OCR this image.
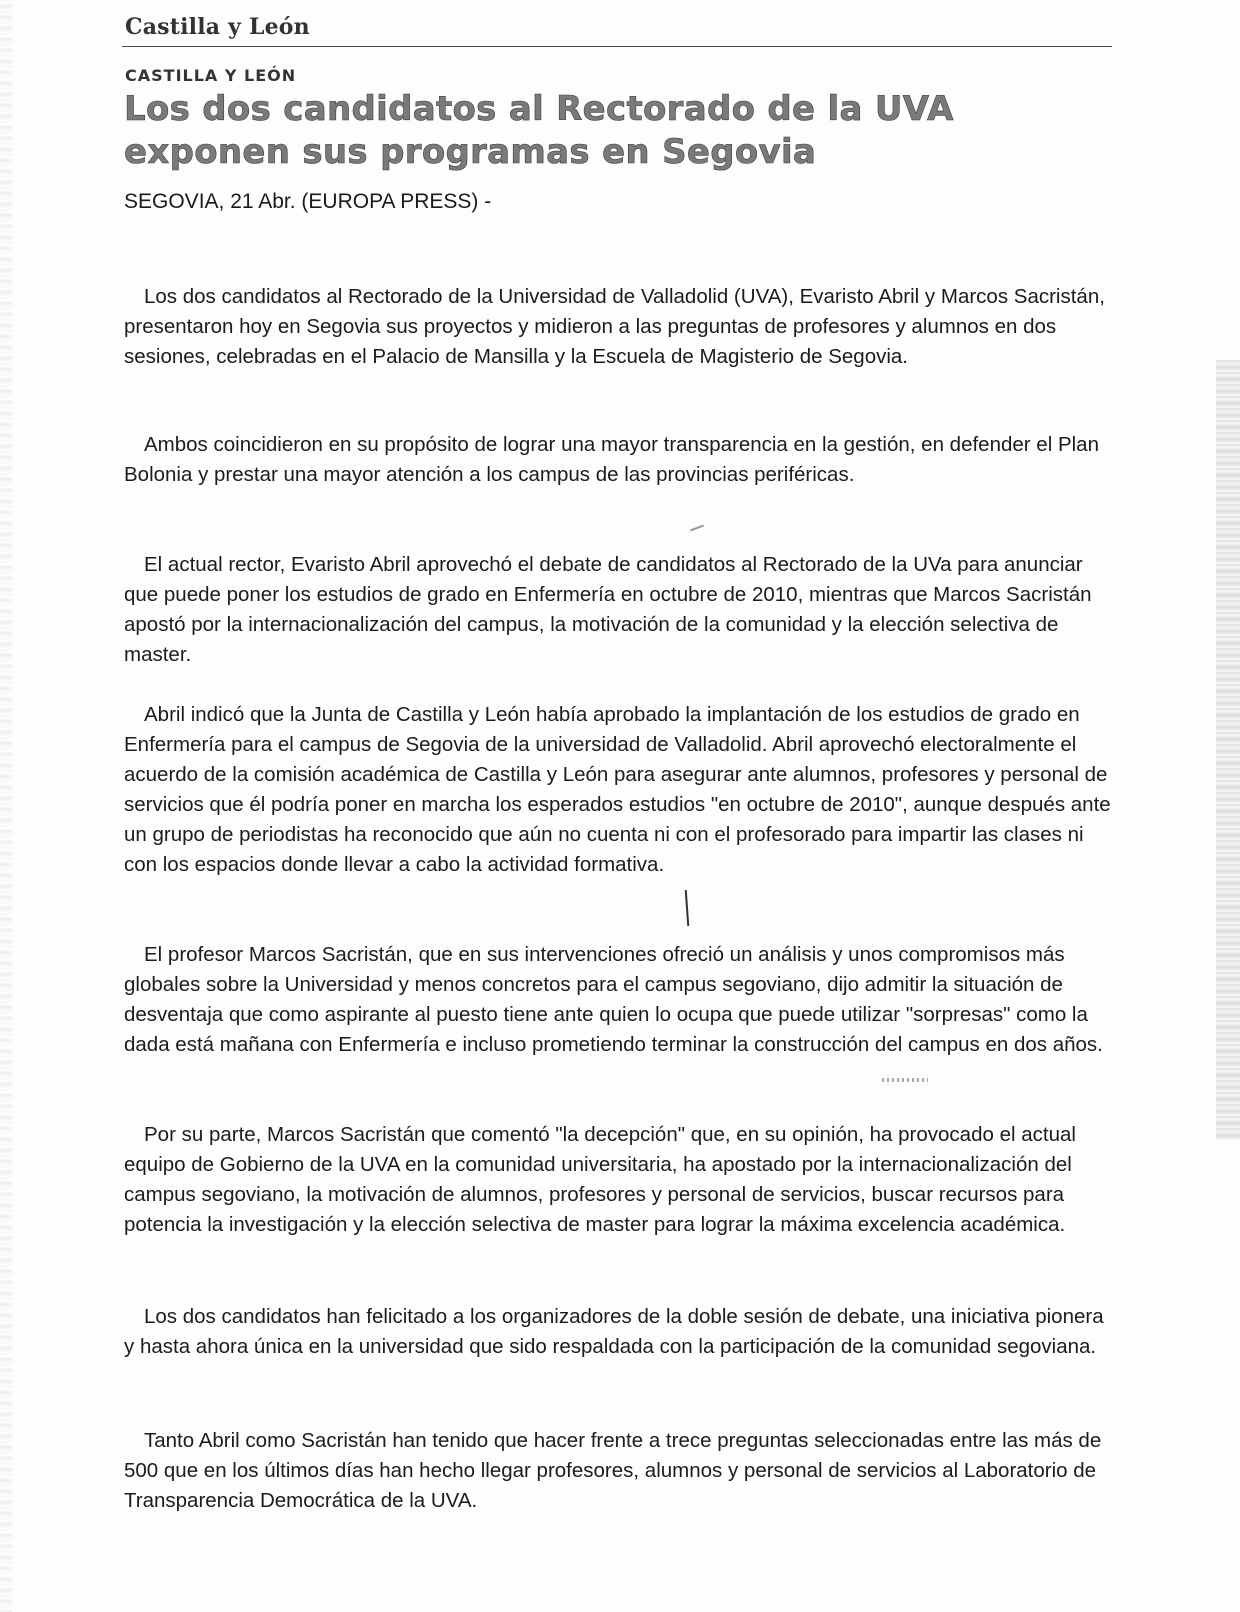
Castilla y León
CASTILLA Y LEÓN
Los dos candidatos al Rectorado de la UVA exponen sus programas en Segovia
SEGOVIA, 21 Abr. (EUROPA PRESS) -

Los dos candidatos al Rectorado de la Universidad de Valladolid (UVA), Evaristo Abril y Marcos Sacristán, presentaron hoy en Segovia sus proyectos y midieron a las preguntas de profesores y alumnos en dos sesiones, celebradas en el Palacio de Mansilla y la Escuela de Magisterio de Segovia.

Ambos coincidieron en su propósito de lograr una mayor transparencia en la gestión, en defender el Plan Bolonia y prestar una mayor atención a los campus de las provincias periféricas.

El actual rector, Evaristo Abril aprovechó el debate de candidatos al Rectorado de la UVa para anunciar que puede poner los estudios de grado en Enfermería en octubre de 2010, mientras que Marcos Sacristán apostó por la internacionalización del campus, la motivación de la comunidad y la elección selectiva de master.

Abril indicó que la Junta de Castilla y León había aprobado la implantación de los estudios de grado en Enfermería para el campus de Segovia de la universidad de Valladolid. Abril aprovechó electoralmente el acuerdo de la comisión académica de Castilla y León para asegurar ante alumnos, profesores y personal de servicios que él podría poner en marcha los esperados estudios "en octubre de 2010", aunque después ante un grupo de periodistas ha reconocido que aún no cuenta ni con el profesorado para impartir las clases ni con los espacios donde llevar a cabo la actividad formativa.

El profesor Marcos Sacristán, que en sus intervenciones ofreció un análisis y unos compromisos más globales sobre la Universidad y menos concretos para el campus segoviano, dijo admitir la situación de desventaja que como aspirante al puesto tiene ante quien lo ocupa que puede utilizar "sorpresas" como la dada está mañana con Enfermería e incluso prometiendo terminar la construcción del campus en dos años.

Por su parte, Marcos Sacristán que comentó "la decepción" que, en su opinión, ha provocado el actual equipo de Gobierno de la UVA en la comunidad universitaria, ha apostado por la internacionalización del campus segoviano, la motivación de alumnos, profesores y personal de servicios, buscar recursos para potencia la investigación y la elección selectiva de master para lograr la máxima excelencia académica.

Los dos candidatos han felicitado a los organizadores de la doble sesión de debate, una iniciativa pionera y hasta ahora única en la universidad que sido respaldada con la participación de la comunidad segoviana.

Tanto Abril como Sacristán han tenido que hacer frente a trece preguntas seleccionadas entre las más de 500 que en los últimos días han hecho llegar profesores, alumnos y personal de servicios al Laboratorio de Transparencia Democrática de la UVA.
